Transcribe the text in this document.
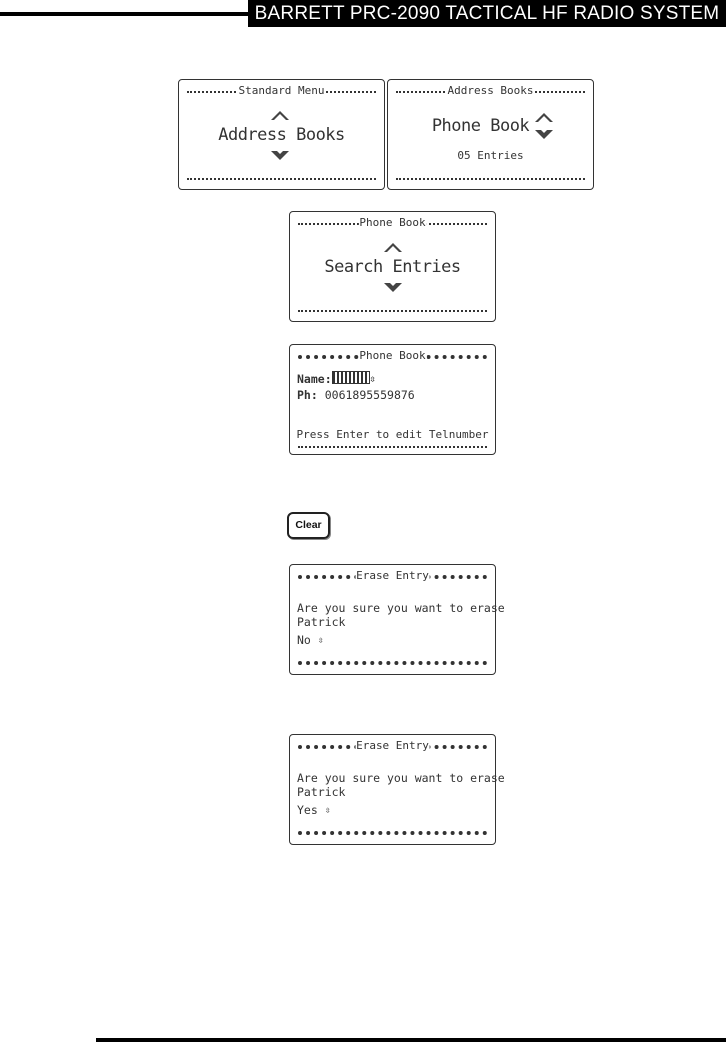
BARRETT PRC-2090 TACTICAL HF RADIO SYSTEM
Standard Menu
Address Books
Address Books
Phone Book
05 Entries
Phone Book
Search Entries
Phone Book
Name:	⇳
Ph: 0061895559876
Press Enter to edit Telnumber
Clear
Erase Entry
Are you sure you want to erase
Patrick
No ⇳
Erase Entry
Are you sure you want to erase
Patrick
Yes ⇳
